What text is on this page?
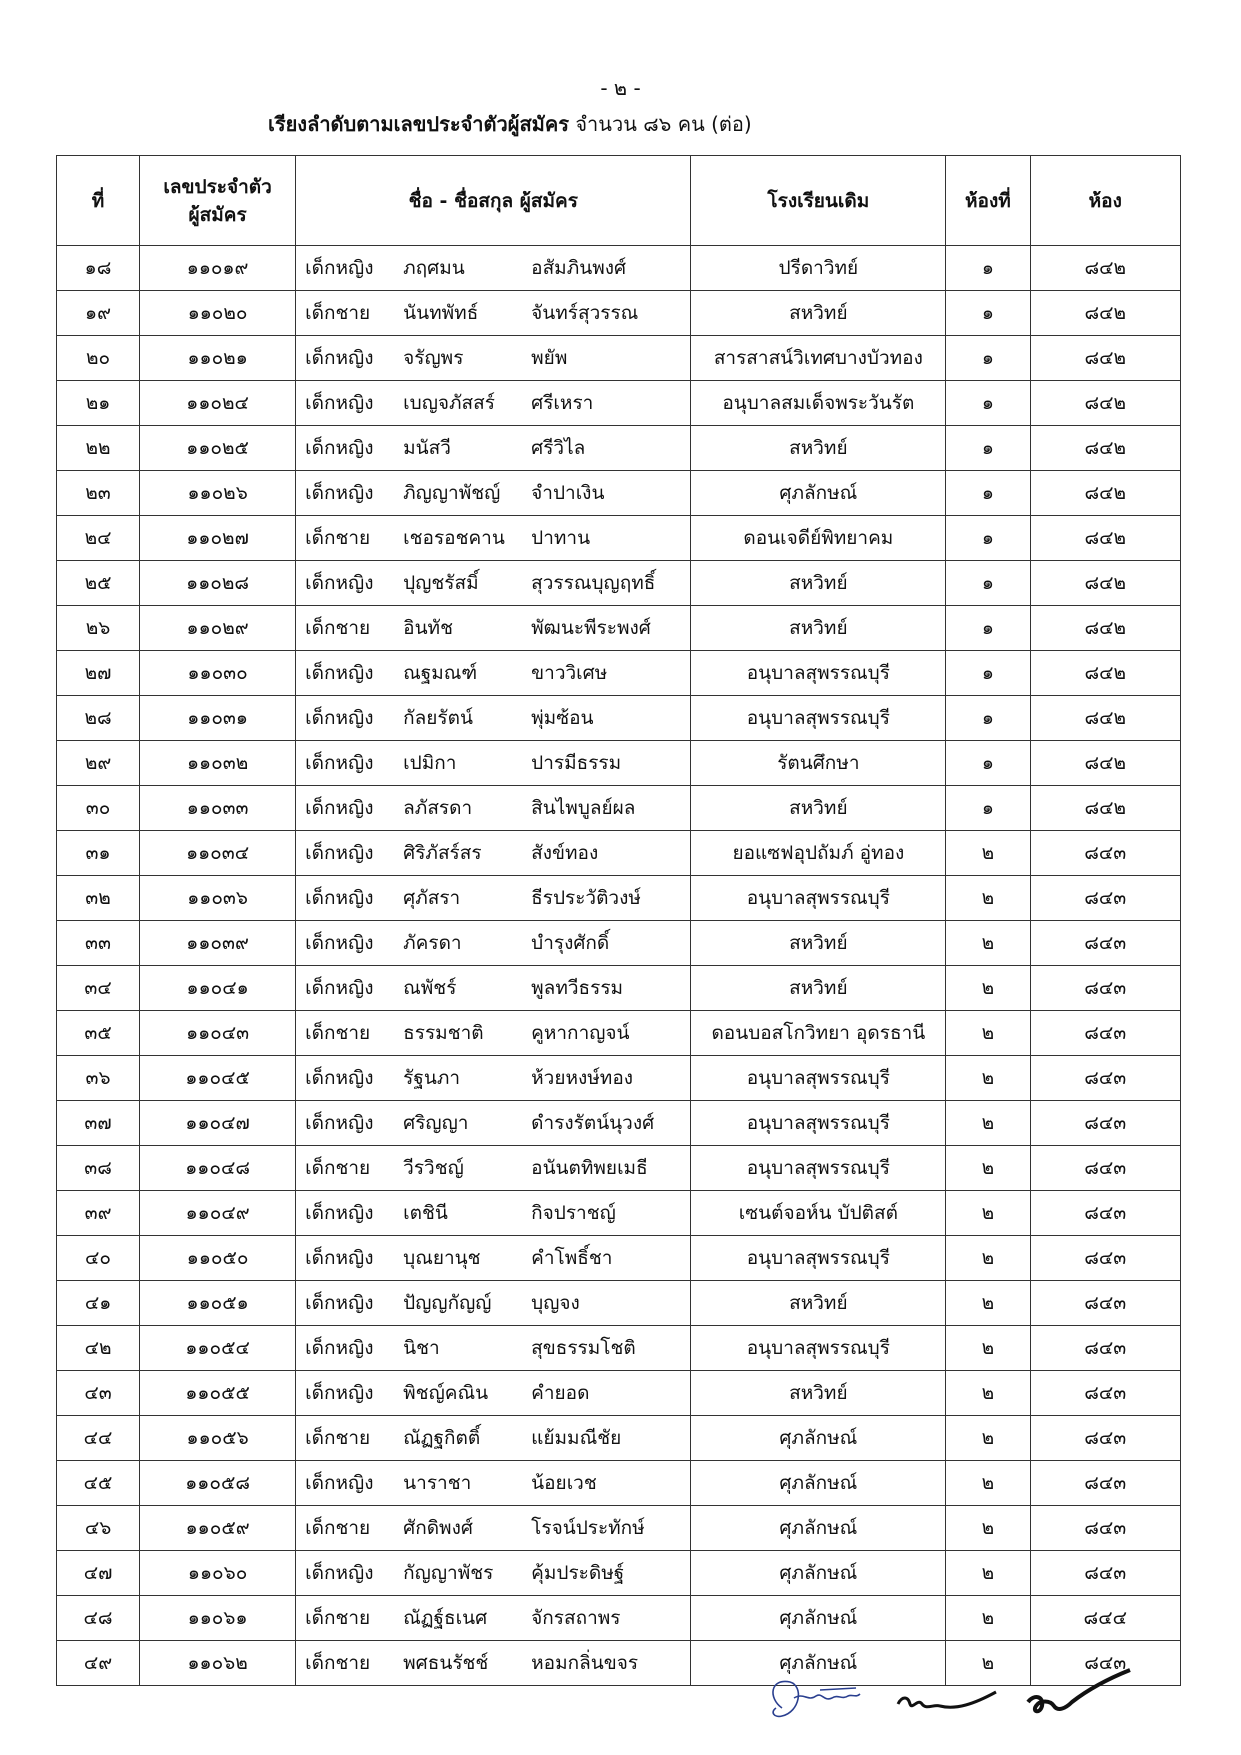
- ๒ -
เรียงลำดับตามเลขประจำตัวผู้สมัคร จำนวน ๘๖ คน (ต่อ)
ที่	เลขประจำตัว
ผู้สมัคร	ชื่อ - ชื่อสกุล ผู้สมัคร	โรงเรียนเดิม	ห้องที่	ห้อง
๑๘	๑๑๐๑๙	เด็กหญิง ภฤศมน อสัมภินพงศ์	ปรีดาวิทย์	๑	๘๔๒
๑๙	๑๑๐๒๐	เด็กชาย นันทพัทธ์ จันทร์สุวรรณ	สหวิทย์	๑	๘๔๒
๒๐	๑๑๐๒๑	เด็กหญิง จรัญพร พยัพ	สารสาสน์วิเทศบางบัวทอง	๑	๘๔๒
๒๑	๑๑๐๒๔	เด็กหญิง เบญจภัสสร์ ศรีเหรา	อนุบาลสมเด็จพระวันรัต	๑	๘๔๒
๒๒	๑๑๐๒๕	เด็กหญิง มนัสวี ศรีวิไล	สหวิทย์	๑	๘๔๒
๒๓	๑๑๐๒๖	เด็กหญิง ภิญญาพัชญ์ จำปาเงิน	ศุภลักษณ์	๑	๘๔๒
๒๔	๑๑๐๒๗	เด็กชาย เชอรอชคาน ปาทาน	ดอนเจดีย์พิทยาคม	๑	๘๔๒
๒๕	๑๑๐๒๘	เด็กหญิง ปุญชรัสมิ์ สุวรรณบุญฤทธิ์	สหวิทย์	๑	๘๔๒
๒๖	๑๑๐๒๙	เด็กชาย อินทัช พัฒนะพีระพงศ์	สหวิทย์	๑	๘๔๒
๒๗	๑๑๐๓๐	เด็กหญิง ณฐมณฑ์ ขาววิเศษ	อนุบาลสุพรรณบุรี	๑	๘๔๒
๒๘	๑๑๐๓๑	เด็กหญิง กัลยรัตน์ พุ่มซ้อน	อนุบาลสุพรรณบุรี	๑	๘๔๒
๒๙	๑๑๐๓๒	เด็กหญิง เปมิกา ปารมีธรรม	รัตนศึกษา	๑	๘๔๒
๓๐	๑๑๐๓๓	เด็กหญิง ลภัสรดา สินไพบูลย์ผล	สหวิทย์	๑	๘๔๒
๓๑	๑๑๐๓๔	เด็กหญิง ศิริภัสร์สร สังข์ทอง	ยอแซฟอุปถัมภ์ อู่ทอง	๒	๘๔๓
๓๒	๑๑๐๓๖	เด็กหญิง ศุภัสรา ธีรประวัติวงษ์	อนุบาลสุพรรณบุรี	๒	๘๔๓
๓๓	๑๑๐๓๙	เด็กหญิง ภัครดา บำรุงศักดิ์	สหวิทย์	๒	๘๔๓
๓๔	๑๑๐๔๑	เด็กหญิง ณพัชร์ พูลทวีธรรม	สหวิทย์	๒	๘๔๓
๓๕	๑๑๐๔๓	เด็กชาย ธรรมชาติ คูหากาญจน์	ดอนบอสโกวิทยา อุดรธานี	๒	๘๔๓
๓๖	๑๑๐๔๕	เด็กหญิง รัฐนภา ห้วยหงษ์ทอง	อนุบาลสุพรรณบุรี	๒	๘๔๓
๓๗	๑๑๐๔๗	เด็กหญิง ศริญญา ดำรงรัตน์นุวงศ์	อนุบาลสุพรรณบุรี	๒	๘๔๓
๓๘	๑๑๐๔๘	เด็กชาย วีรวิชญ์ อนันตทิพยเมธี	อนุบาลสุพรรณบุรี	๒	๘๔๓
๓๙	๑๑๐๔๙	เด็กหญิง เตชินี กิจปราชญ์	เซนต์จอห์น บัปติสต์	๒	๘๔๓
๔๐	๑๑๐๕๐	เด็กหญิง บุณยานุช คำโพธิ์ชา	อนุบาลสุพรรณบุรี	๒	๘๔๓
๔๑	๑๑๐๕๑	เด็กหญิง ปัญญกัญญ์ บุญจง	สหวิทย์	๒	๘๔๓
๔๒	๑๑๐๕๔	เด็กหญิง นิชา สุขธรรมโชติ	อนุบาลสุพรรณบุรี	๒	๘๔๓
๔๓	๑๑๐๕๕	เด็กหญิง พิชญ์คณิน คำยอด	สหวิทย์	๒	๘๔๓
๔๔	๑๑๐๕๖	เด็กชาย ณัฏฐกิตติ์ แย้มมณีชัย	ศุภลักษณ์	๒	๘๔๓
๔๕	๑๑๐๕๘	เด็กหญิง นาราชา น้อยเวช	ศุภลักษณ์	๒	๘๔๓
๔๖	๑๑๐๕๙	เด็กชาย ศักดิพงศ์ โรจน์ประทักษ์	ศุภลักษณ์	๒	๘๔๓
๔๗	๑๑๐๖๐	เด็กหญิง กัญญาพัชร คุ้มประดิษฐ์	ศุภลักษณ์	๒	๘๔๓
๔๘	๑๑๐๖๑	เด็กชาย ณัฏฐ์ธเนศ จักรสถาพร	ศุภลักษณ์	๒	๘๔๔
๔๙	๑๑๐๖๒	เด็กชาย พศธนรัชช์ หอมกลิ่นขจร	ศุภลักษณ์	๒	๘๔๓
